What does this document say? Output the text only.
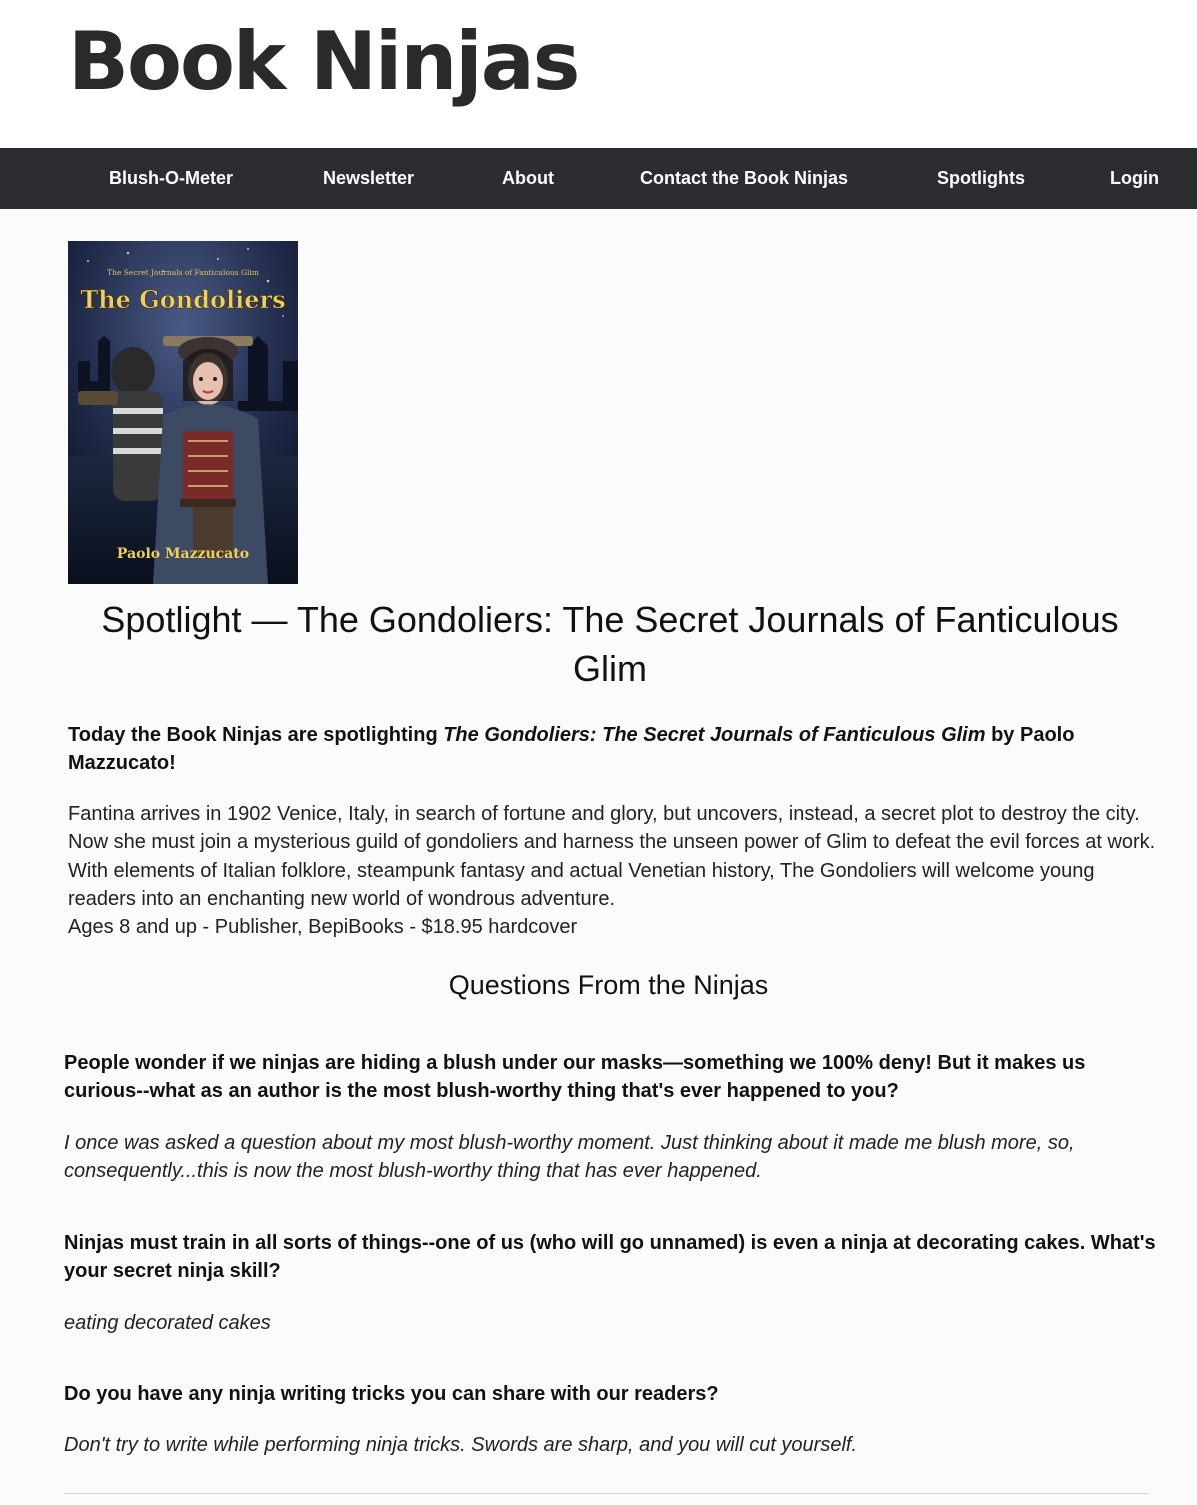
Book Ninjas
Blush-O-Meter	Newsletter	About	Contact the Book Ninjas	Spotlights	Login
The Secret Journals of Fanticulous Glim
The Gondoliers
Paolo Mazzucato
Spotlight — The Gondoliers: The Secret Journals of Fanticulous Glim

Today the Book Ninjas are spotlighting The Gondoliers: The Secret Journals of Fanticulous Glim by Paolo Mazzucato!

Fantina arrives in 1902 Venice, Italy, in search of fortune and glory, but uncovers, instead, a secret plot to destroy the city. Now she must join a mysterious guild of gondoliers and harness the unseen power of Glim to defeat the evil forces at work. With elements of Italian folklore, steampunk fantasy and actual Venetian history, The Gondoliers will welcome young readers into an enchanting new world of wondrous adventure.
Ages 8 and up - Publisher, BepiBooks - $18.95 hardcover

Questions From the Ninjas

People wonder if we ninjas are hiding a blush under our masks—something we 100% deny! But it makes us curious--what as an author is the most blush-worthy thing that's ever happened to you?

I once was asked a question about my most blush-worthy moment. Just thinking about it made me blush more, so, consequently...this is now the most blush-worthy thing that has ever happened.

Ninjas must train in all sorts of things--one of us (who will go unnamed) is even a ninja at decorating cakes. What's your secret ninja skill?

eating decorated cakes

Do you have any ninja writing tricks you can share with our readers?

Don't try to write while performing ninja tricks. Swords are sharp, and you will cut yourself.
